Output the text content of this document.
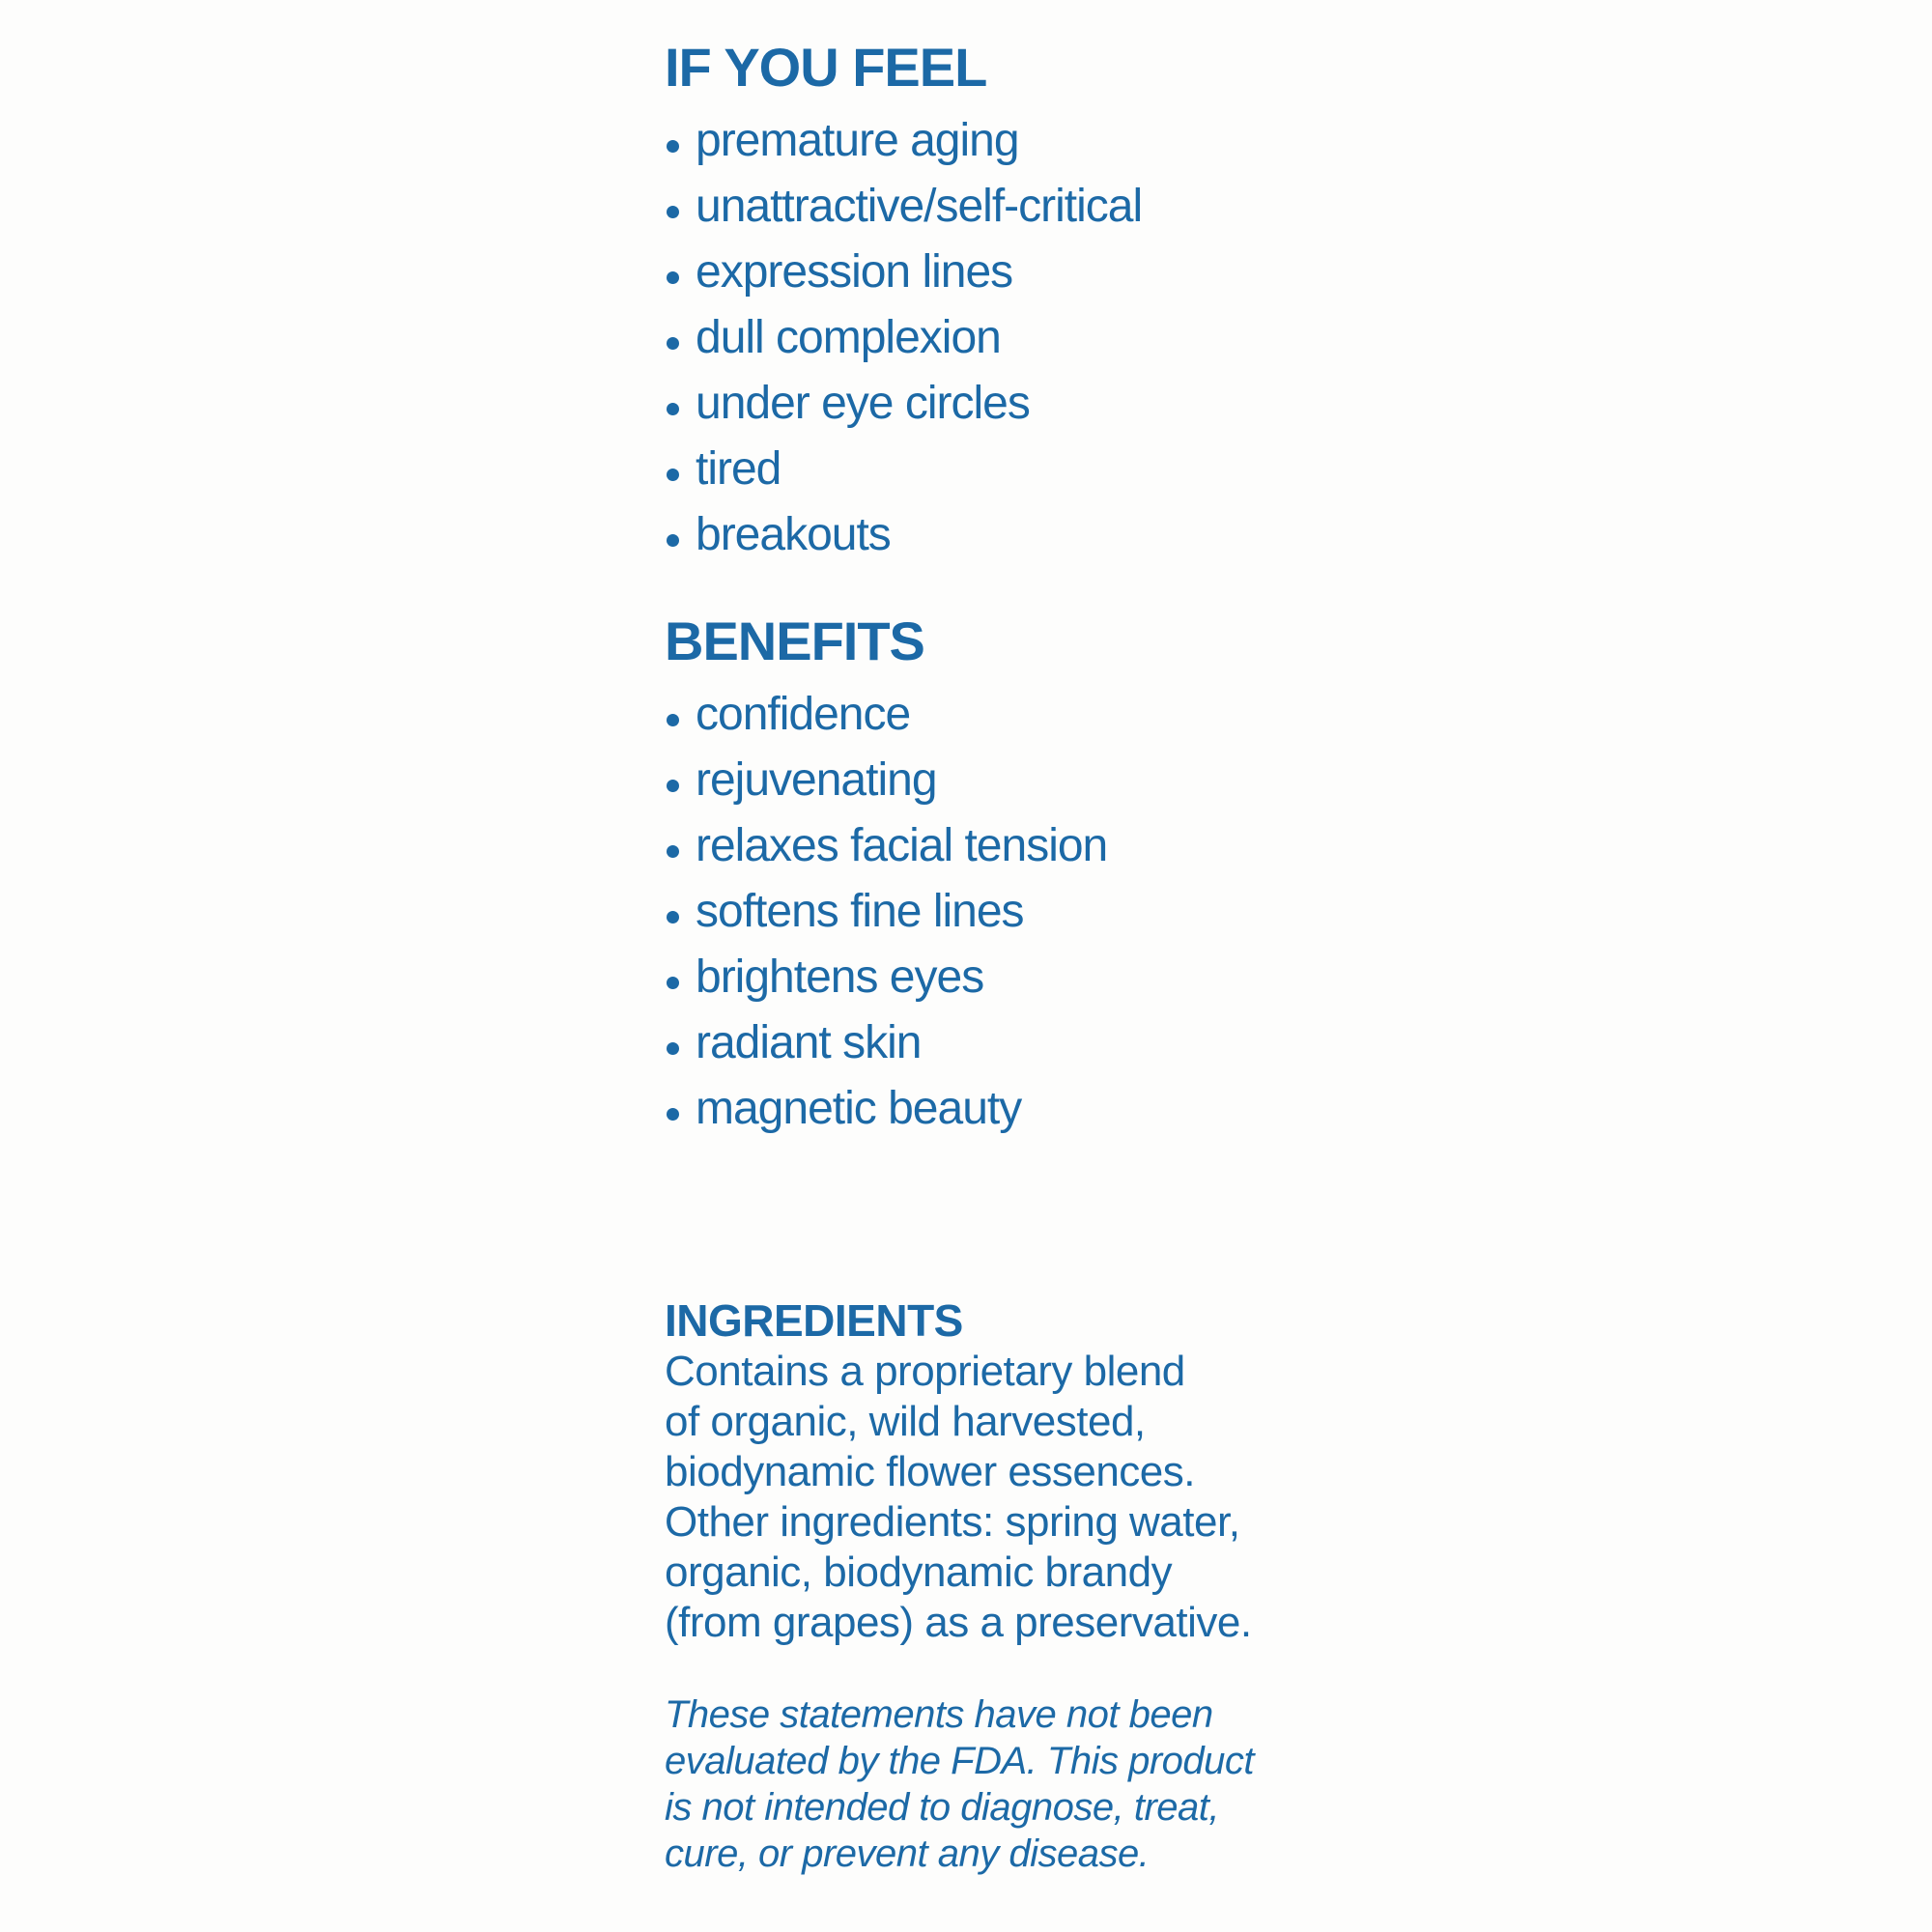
IF YOU FEEL
premature aging
unattractive/self-critical
expression lines
dull complexion
under eye circles
tired
breakouts
BENEFITS
confidence
rejuvenating
relaxes facial tension
softens fine lines
brightens eyes
radiant skin
magnetic beauty
INGREDIENTS
Contains a proprietary blend
of organic, wild harvested,
biodynamic flower essences.
Other ingredients: spring water,
organic, biodynamic brandy
(from grapes) as a preservative.
These statements have not been
evaluated by the FDA. This product
is not intended to diagnose, treat,
cure, or prevent any disease.
